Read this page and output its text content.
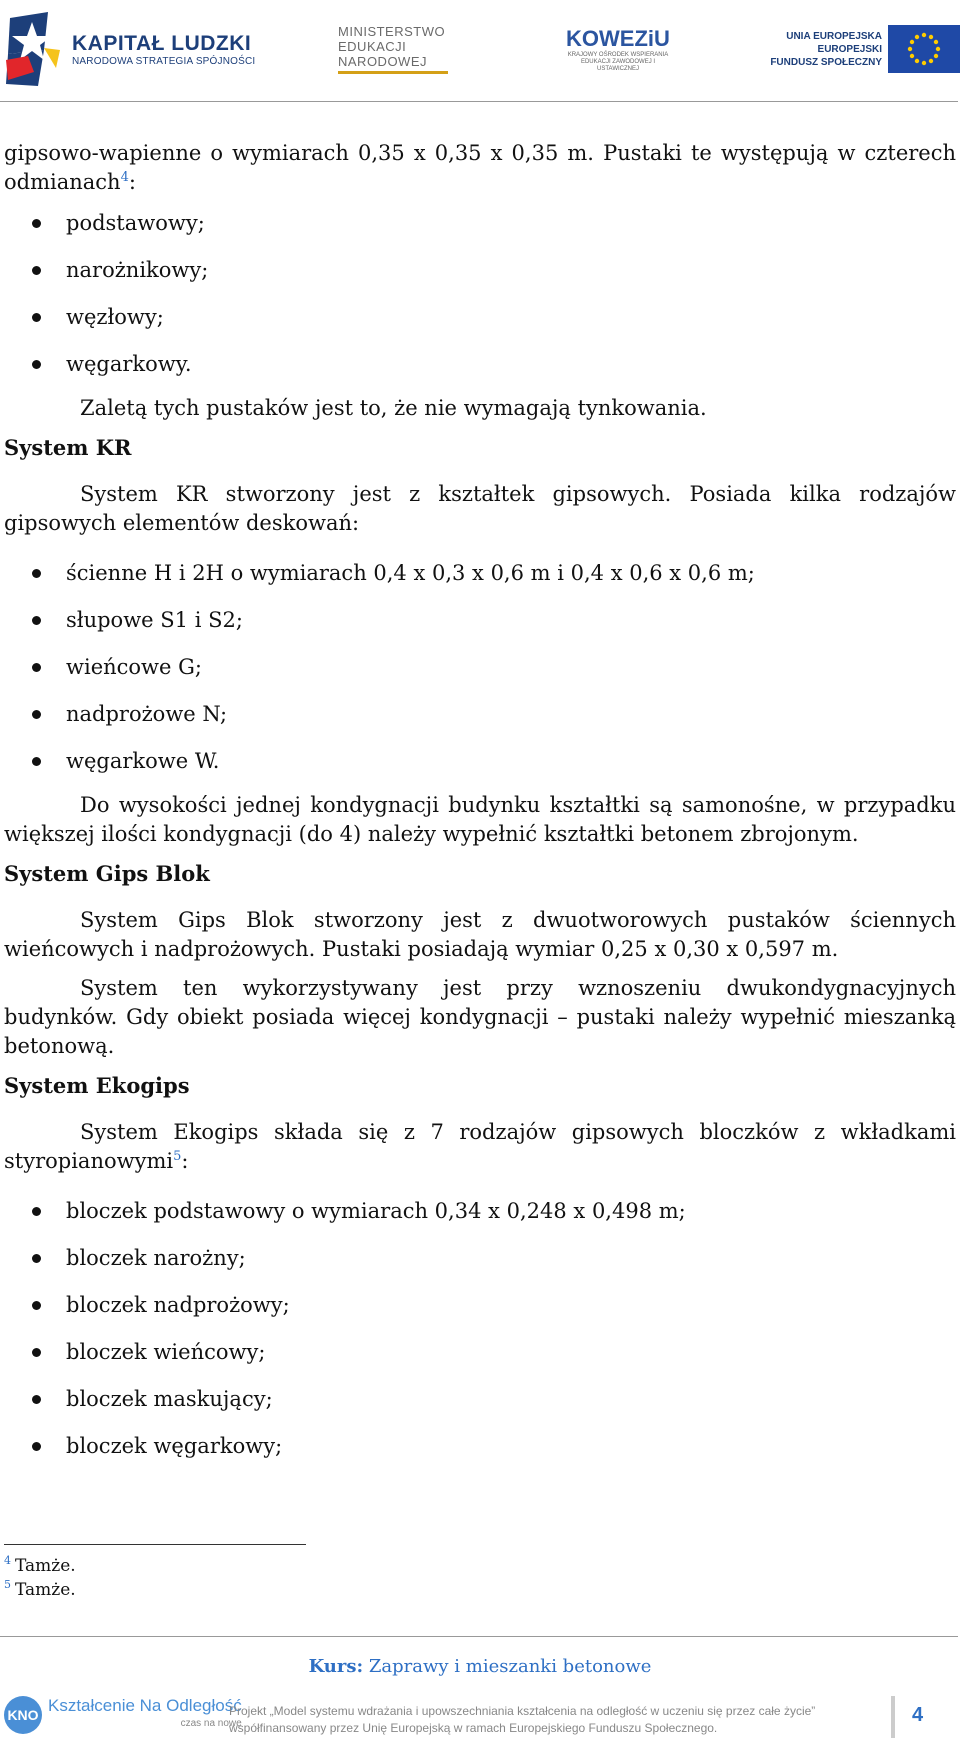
KAPITAŁ LUDZKI
NARODOWA STRATEGIA SPÓJNOŚCI
MINISTERSTWO
EDUKACJI
NARODOWEJ
KOWEZiU
KRAJOWY OŚRODEK WSPIERANIA
EDUKACJI ZAWODOWEJ I USTAWICZNEJ
UNIA EUROPEJSKA
EUROPEJSKI
FUNDUSZ SPOŁECZNY

gipsowo-wapienne o wymiarach 0,35 x 0,35 x 0,35 m. Pustaki te występują w czterech odmianach$^4$:

podstawowy;
narożnikowy;
węzłowy;
węgarkowy.

Zaletą tych pustaków jest to, że nie wymagają tynkowania.

System KR

System KR stworzony jest z kształtek gipsowych. Posiada kilka rodzajów gipsowych elementów deskowań:

ścienne H i 2H o wymiarach 0,4 x 0,3 x 0,6 m i 0,4 x 0,6 x 0,6 m;
słupowe S1 i S2;
wieńcowe G;
nadprożowe N;
węgarkowe W.

Do wysokości jednej kondygnacji budynku kształtki są samonośne, w przypadku większej ilości kondygnacji (do 4) należy wypełnić kształtki betonem zbrojonym.

System Gips Blok

System Gips Blok stworzony jest z dwuotworowych pustaków ściennych wieńcowych i nadprożowych. Pustaki posiadają wymiar 0,25 x 0,30 x 0,597 m.

System ten wykorzystywany jest przy wznoszeniu dwukondygnacyjnych budynków. Gdy obiekt posiada więcej kondygnacji – pustaki należy wypełnić mieszanką betonową.

System Ekogips

System Ekogips składa się z 7 rodzajów gipsowych bloczków z wkładkami styropianowymi$^5$:

bloczek podstawowy o wymiarach 0,34 x 0,248 x 0,498 m;
bloczek narożny;
bloczek nadprożowy;
bloczek wieńcowy;
bloczek maskujący;
bloczek węgarkowy;
$^4$ Tamże.
$^5$ Tamże.
Kurs: Zaprawy i mieszanki betonowe
KNO Kształcenie Na Odległość
czas na nowe
Projekt „Model systemu wdrażania i upowszechniania kształcenia na odległość w uczeniu się przez całe życie”
współfinansowany przez Unię Europejską w ramach Europejskiego Funduszu Społecznego.
4
